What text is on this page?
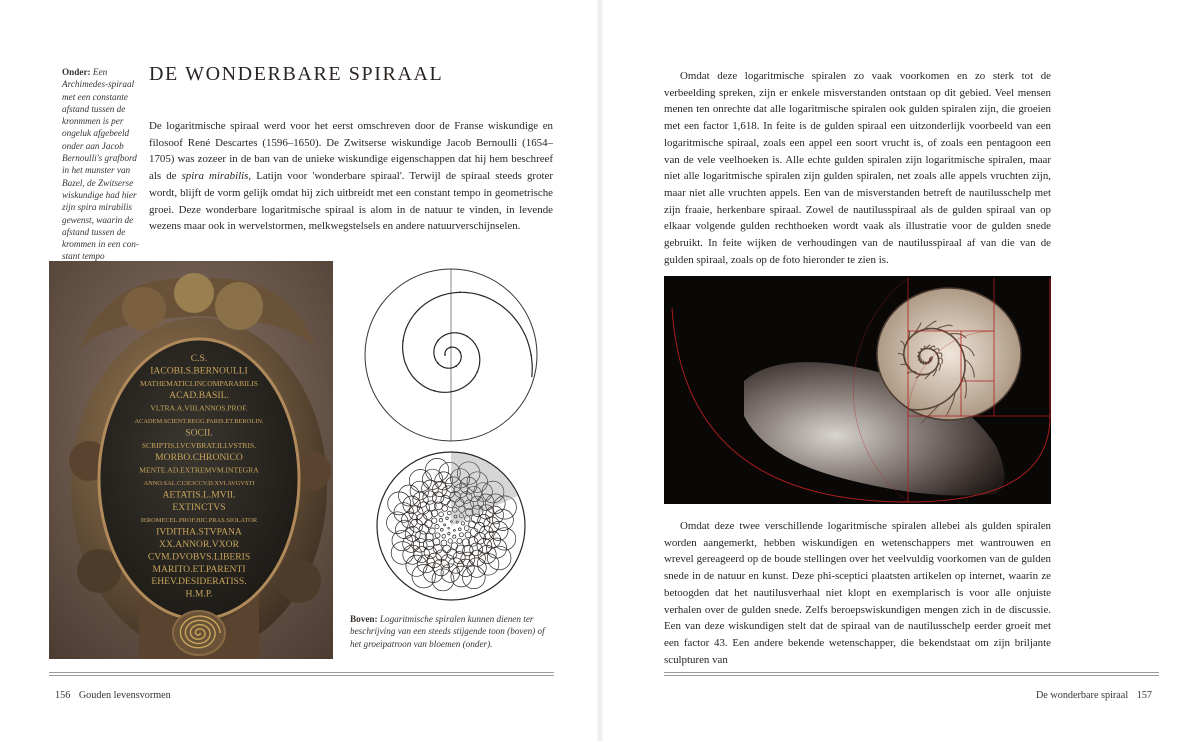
Onder: Een Archimedes-spiraal met een constante afstand tussen de kronmmen is per ongeluk afgebeeld onder aan Jacob Bernoulli's grafbord in het munster van Bazel, de Zwitserse wiskundige had hier zijn spira mirabilis gewenst, waarin de afstand tussen de krommen in een constant tempo
DE WONDERBARE SPIRAAL

De logaritmische spiraal werd voor het eerst omschreven door de Franse wiskundige en filosoof René Descartes (1596–1650). De Zwitserse wiskundige Jacob Bernoulli (1654–1705) was zozeer in de ban van de unieke wiskundige eigenschappen dat hij hem beschreef als de spira mirabilis, Latijn voor 'wonderbare spiraal'. Terwijl de spiraal steeds groter wordt, blijft de vorm gelijk omdat hij zich uitbreidt met een constant tempo in geometrische groei. Deze wonderbare logaritmische spiraal is alom in de natuur te vinden, in levende wezens maar ook in wervelstormen, melkwegstelsels en andere natuurverschijnselen.

C.S.
IACOBI.S.BERNOULLI
MATHEMATICI.INCOMPARABILIS
ACAD.BASIL.
VLTRA.A.VIII.ANNOS.PROF.
ACADEM.SCIENT.REGG.PARIS.ET.BEROLIN.
SOCII.
SCRIPTIS.LVCVBRAT.ILLVSTRIS.
MORBO.CHRONICO
MENTE.AD.EXTREMVM.INTEGRA
ANNO.SAL.CIƆIƆCCV.D.XVI.AVGVSTI
AETATIS.L.MVII.
EXTINCTVS
IEROMECEL.PROF.HIC.PRAS.SIOLATOR
IVDITHA.STVPANA
XX.ANNOR.VXOR
CVM.DVOBVS.LIBERIS
MARITO.ET.PARENTI
EHEV.DESIDERATISS.
H.M.P.
Boven: Logaritmische spiralen kunnen dienen ter beschrijving van een steeds stijgende toon (boven) of het groeipatroon van bloemen (onder).
156 Gouden levensvormen

Omdat deze logaritmische spiralen zo vaak voorkomen en zo sterk tot de verbeelding spreken, zijn er enkele misverstanden ontstaan op dit gebied. Veel mensen menen ten onrechte dat alle logaritmische spiralen ook gulden spiralen zijn, die groeien met een factor 1,618. In feite is de gulden spiraal een uitzonderlijk voorbeeld van een logaritmische spiraal, zoals een appel een soort vrucht is, of zoals een pentagoon een van de vele veelhoeken is. Alle echte gulden spiralen zijn logaritmische spiralen, maar niet alle logaritmische spiralen zijn gulden spiralen, net zoals alle appels vruchten zijn, maar niet alle vruchten appels. Een van de misverstanden betreft de nautilusschelp met zijn fraaie, herkenbare spiraal. Zowel de nautilusspiraal als de gulden spiraal van op elkaar volgende gulden rechthoeken wordt vaak als illustratie voor de gulden snede gebruikt. In feite wijken de verhoudingen van de nautilusspiraal af van die van de gulden spiraal, zoals op de foto hieronder te zien is.

Omdat deze twee verschillende logaritmische spiralen allebei als gulden spiralen worden aangemerkt, hebben wiskundigen en wetenschappers met wantrouwen en wrevel gereageerd op de boude stellingen over het veelvuldig voorkomen van de gulden snede in de natuur en kunst. Deze phi-sceptici plaatsten artikelen op internet, waarin ze betoogden dat het nautilusverhaal niet klopt en exemplarisch is voor alle onjuiste verhalen over de gulden snede. Zelfs beroepswiskundigen mengen zich in de discussie. Een van deze wiskundigen stelt dat de spiraal van de nautilusschelp eerder groeit met een factor 43. Een andere bekende wetenschapper, die bekendstaat om zijn briljante sculpturen van

De wonderbare spiraal 157
